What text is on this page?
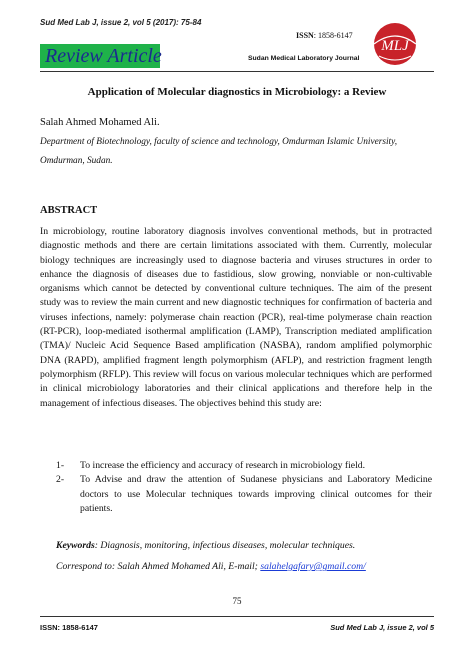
Sud Med Lab J, issue 2, vol 5 (2017): 75-84
ISSN: 1858-6147
MLJ
Review Article	Sudan Medical Laboratory Journal
Application of Molecular diagnostics in Microbiology: a Review
Salah Ahmed Mohamed Ali.
Department of Biotechnology, faculty of science and technology, Omdurman Islamic University, Omdurman, Sudan.
ABSTRACT
In microbiology, routine laboratory diagnosis involves conventional methods, but in protracted diagnostic methods and there are certain limitations associated with them. Currently, molecular biology techniques are increasingly used to diagnose bacteria and viruses structures in order to enhance the diagnosis of diseases due to fastidious, slow growing, nonviable or non-cultivable organisms which cannot be detected by conventional culture techniques. The aim of the present study was to review the main current and new diagnostic techniques for confirmation of bacteria and viruses infections, namely: polymerase chain reaction (PCR), real-time polymerase chain reaction (RT-PCR), loop-mediated isothermal amplification (LAMP), Transcription mediated amplification (TMA)/ Nucleic Acid Sequence Based amplification (NASBA), random amplified polymorphic DNA (RAPD), amplified fragment length polymorphism (AFLP), and restriction fragment length polymorphism (RFLP). This review will focus on various molecular techniques which are performed in clinical microbiology laboratories and their clinical applications and therefore help in the management of infectious diseases. The objectives behind this study are:
1- To increase the efficiency and accuracy of research in microbiology field.
2- To Advise and draw the attention of Sudanese physicians and Laboratory Medicine doctors to use Molecular techniques towards improving clinical outcomes for their patients.
Keywords: Diagnosis, monitoring, infectious diseases, molecular techniques.
Correspond to: Salah Ahmed Mohamed Ali, E-mail; salahelgafary@gmail.com/
75
ISSN: 1858-6147	Sud Med Lab J, issue 2, vol 5
